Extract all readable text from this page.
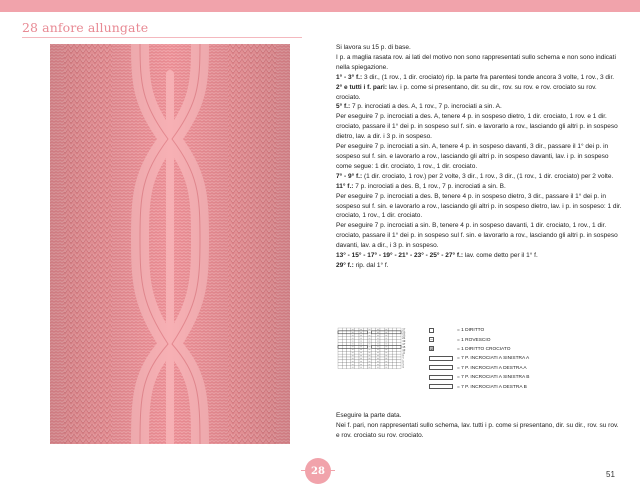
28 anfore allungate

Si lavora su 15 p. di base.

I p. a maglia rasata rov. ai lati del motivo non sono rappresentati sullo schema e non sono indicati nella spiegazione.

1° - 3° f.: 3 dir., (1 rov., 1 dir. crociato) rip. la parte fra parentesi tonde ancora 3 volte, 1 rov., 3 dir.

2° e tutti i f. pari: lav. i p. come si presentano, dir. su dir., rov. su rov. e rov. crociato su rov. crociato.

5° f.: 7 p. incrociati a des. A, 1 rov., 7 p. incrociati a sin. A.

Per eseguire 7 p. incrociati a des. A, tenere 4 p. in sospeso dietro, 1 dir. crociato, 1 rov. e 1 dir. crociato, passare il 1° dei p. in sospeso sul f. sin. e lavorarlo a rov., lasciando gli altri p. in sospeso dietro, lav. a dir. i 3 p. in sospeso.

Per eseguire 7 p. incrociati a sin. A, tenere 4 p. in sospeso davanti, 3 dir., passare il 1° dei p. in sospeso sul f. sin. e lavorarlo a rov., lasciando gli altri p. in sospeso davanti, lav. i p. in sospeso come segue: 1 dir. crociato, 1 rov., 1 dir. crociato.

7° - 9° f.: (1 dir. crociato, 1 rov.) per 2 volte, 3 dir., 1 rov., 3 dir., (1 rov., 1 dir. crociato) per 2 volte.

11° f.: 7 p. incrociati a des. B, 1 rov., 7 p. incrociati a sin. B.

Per eseguire 7 p. incrociati a des. B, tenere 4 p. in sospeso dietro, 3 dir., passare il 1° dei p. in sospeso sul f. sin. e lavorarlo a rov., lasciando gli altri p. in sospeso dietro, lav. i p. in sospeso: 1 dir. crociato, 1 rov., 1 dir. crociato.

Per eseguire 7 p. incrociati a sin. B, tenere 4 p. in sospeso davanti, 1 dir. crociato, 1 rov., 1 dir. crociato, passare il 1° dei p. in sospeso sul f. sin. e lavorarlo a rov., lasciando gli altri p. in sospeso davanti, lav. a dir., i 3 p. in sospeso.

13° - 15° - 17° - 19° - 21° - 23° - 25° - 27° f.: lav. come detto per il 1° f.

29° f.: rip. dal 1° f.

27
25
23
21
19
17
15
13
11
9
7
5
3
1
= 1 DIRITTO
–	= 1 ROVESCIO
Ջ	= 1 DIRITTO CROCIATO
= 7 P. INCROCIATI A SINISTRA A
= 7 P. INCROCIATI A DESTRA A
= 7 P. INCROCIATI A SINISTRA B
= 7 P. INCROCIATI A DESTRA B

Eseguire la parte data.

Nei f. pari, non rappresentati sullo schema, lav. tutti i p. come si presentano, dir. su dir., rov. su rov. e rov. crociato su rov. crociato.

28	51
